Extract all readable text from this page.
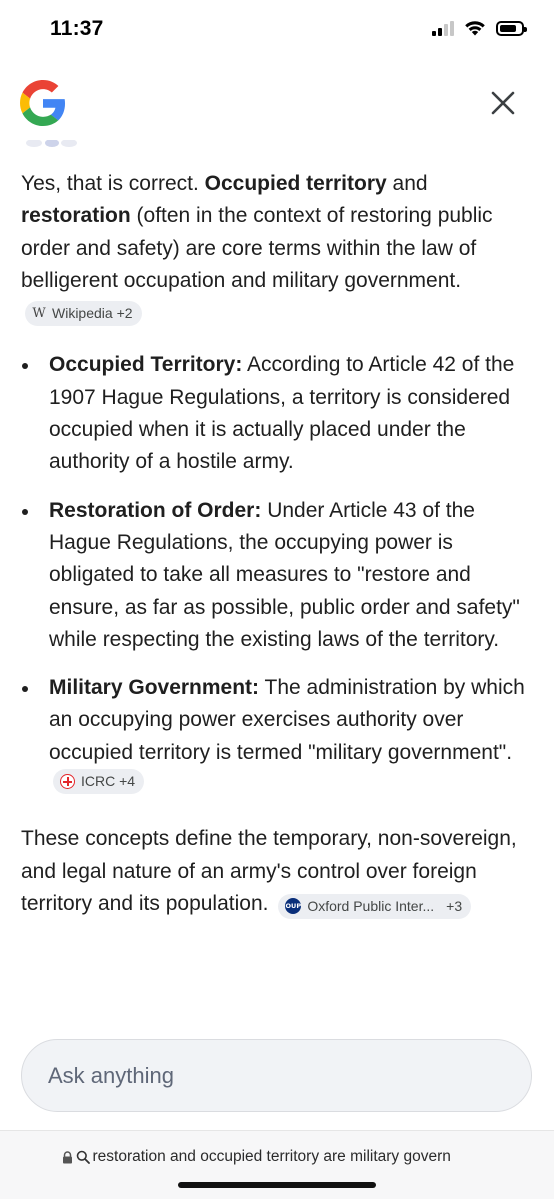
11:37

Yes, that is correct. Occupied territory and restoration (often in the context of restoring public order and safety) are core terms within the law of belligerent occupation and military government.
W Wikipedia +2

Occupied Territory: According to Article 42 of the 1907 Hague Regulations, a territory is considered occupied when it is actually placed under the authority of a hostile army.
Restoration of Order: Under Article 43 of the Hague Regulations, the occupying power is obligated to take all measures to "restore and ensure, as far as possible, public order and safety" while respecting the existing laws of the territory.
Military Government: The administration by which an occupying power exercises authority over occupied territory is termed "military government".
ICRC +4

These concepts define the temporary, non-sovereign, and legal nature of an army's control over foreign territory and its population.	OUP Oxford Public Inter... +3

Ask anything
restoration and occupied territory are military govern
